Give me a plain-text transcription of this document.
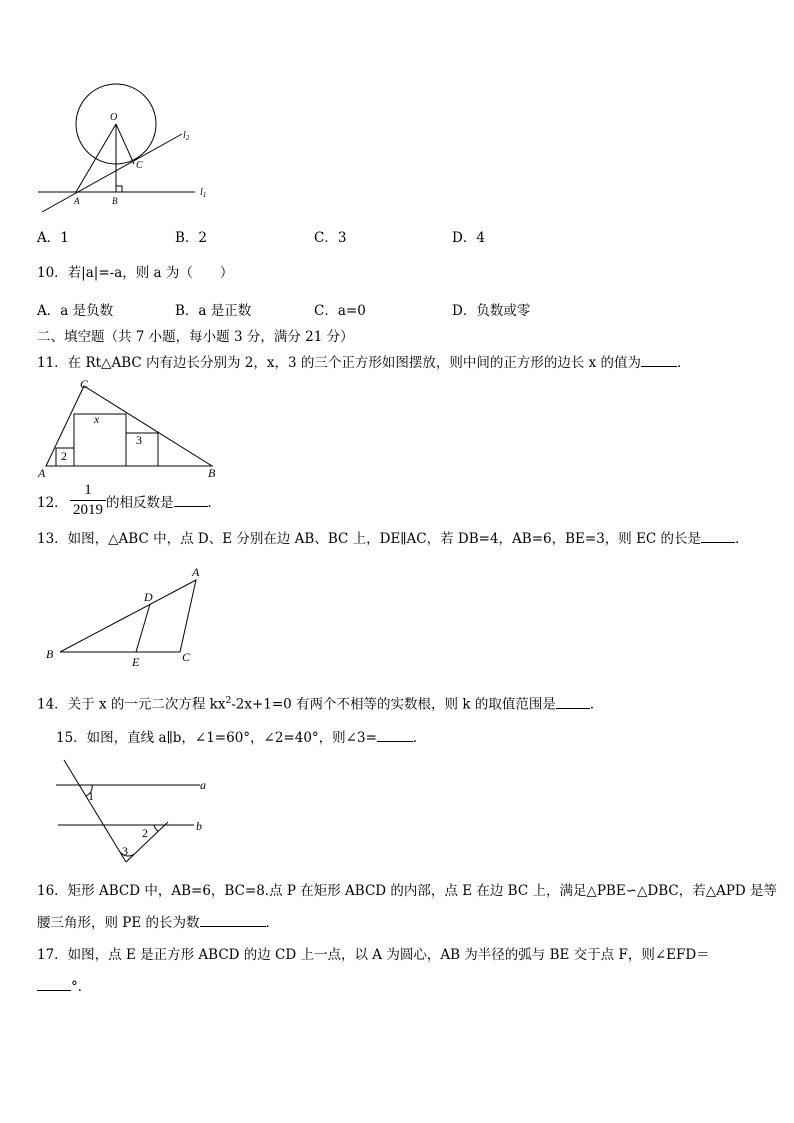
O
C
A	B
$l_2$
$l_1$
A．1	B．2	C．3	D．4
10．若|a|=-a，则 a 为（　　）
A．a 是负数	B．a 是正数	C．a=0	D．负数或零
二、填空题（共 7 小题，每小题 3 分，满分 21 分）
11．在 Rt△ABC 内有边长分别为 2，x，3 的三个正方形如图摆放，则中间的正方形的边长 x 的值为	．
C
x
3
2
A	B
12．
1
2019 的相反数是	．
13．如图，△ABC 中，点 D、E 分别在边 AB、BC 上，DE∥AC，若 DB=4，AB=6，BE=3，则 EC 的长是	．
A
D
B
E	C
14．关于 x 的一元二次方程 $kx^2-2x+1=0$ 有两个不相等的实数根，则 k 的取值范围是	．
15．如图，直线 a∥b，∠1=60°，∠2=40°，则∠3=	．
a
b
1
2
3
16．矩形 ABCD 中，AB=6，BC=8.点 P 在矩形 ABCD 的内部，点 E 在边 BC 上，满足△PBE∽△DBC，若△APD 是等
腰三角形，则 PE 的长为数	．
17．如图，点 E 是正方形 ABCD 的边 CD 上一点，以 A 为圆心，AB 为半径的弧与 BE 交于点 F，则∠EFD＝
°．
